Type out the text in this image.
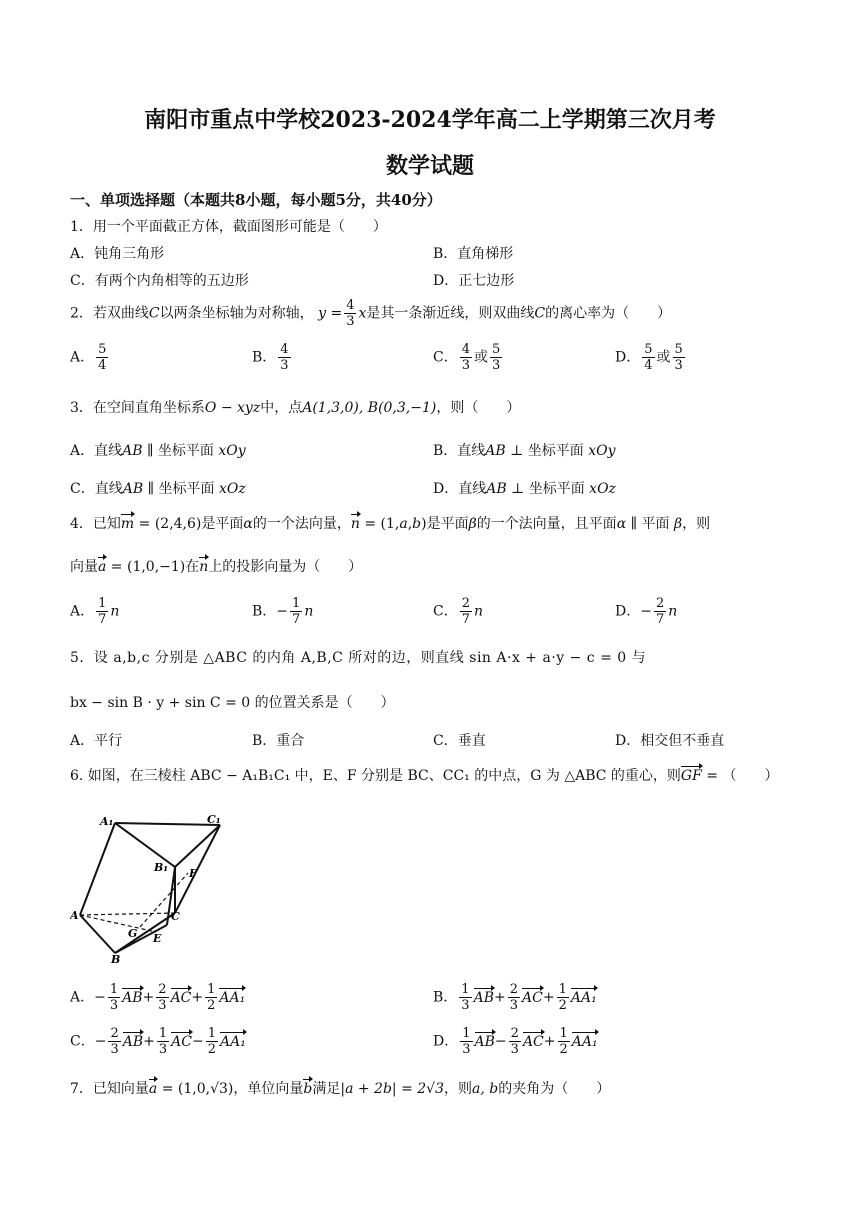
南阳市重点中学校2023-2024学年高二上学期第三次月考
数学试题
一、单项选择题（本题共8小题，每小题5分，共40分）
1．用一个平面截正方体，截面图形可能是（　　）
A．钝角三角形	B．直角梯形
C．有两个内角相等的五边形	D．正七边形
2．若双曲线C以两条坐标轴为对称轴， $y = \frac{4}{3}$ x是其一条渐近线，则双曲线C的离心率为（　　）
A． $\frac{5}{4}$	B． $\frac{4}{3}$	C． $\frac{4}{3}$ 或 $\frac{5}{3}$	D． $\frac{5}{4}$ 或 $\frac{5}{3}$
3．在空间直角坐标系O − xyz中，点A(1,3,0), B(0,3,−1)，则（　　）
A．直线AB ∥ 坐标平面 xOy	B．直线AB ⊥ 坐标平面 xOy
C．直线AB ∥ 坐标平面 xOz	D．直线AB ⊥ 坐标平面 xOz
4．已知m = (2,4,6)是平面α的一个法向量，n = (1,a,b)是平面β的一个法向量，且平面α ∥ 平面 β，则
向量a = (1,0,−1)在n上的投影向量为（　　）
A． $\frac{1}{7}$ n	B．− $\frac{1}{7}$ n	C． $\frac{2}{7}$ n	D．− $\frac{2}{7}$ n
5．设 a,b,c 分别是 △ABC 的内角 A,B,C 所对的边，则直线 sin A·x + a·y − c = 0 与
bx − sin B · y + sin C = 0 的位置关系是（　　）
A．平行	B．重合	C．垂直	D．相交但不垂直
6. 如图，在三棱柱 ABC − A₁B₁C₁ 中，E、F 分别是 BC、CC₁ 的中点，G 为 △ABC 的重心，则GF = （　　）
A₁	C₁
B₁ F
A	C
G E
B
A．− $\frac{1}{3} AB+ \frac{2}{3} AC+ \frac{1}{2} AA_1$	B． $\frac{1}{3} AB+ \frac{2}{3} AC+ \frac{1}{2} AA_1$
C．− $\frac{2}{3} AB+ \frac{1}{3} AC- \frac{1}{2} AA_1$	D． $\frac{1}{3} AB- \frac{2}{3} AC+ \frac{1}{2} AA_1$
7．已知向量a = (1,0,√3)，单位向量b满足|a + 2b| = 2√3，则a, b的夹角为（　　）
